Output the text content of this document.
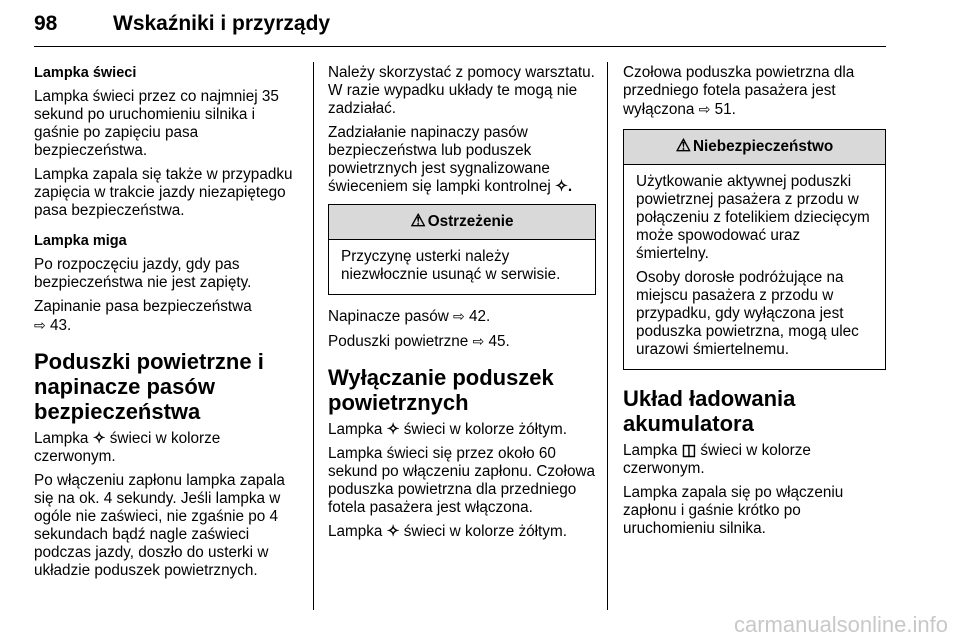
98	Wskaźniki i przyrządy

Lampka świeci

Lampka świeci przez co najmniej 35 sekund po uruchomieniu silnika i gaśnie po zapięciu pasa bezpieczeństwa.

Lampka zapala się także w przypadku zapięcia w trakcie jazdy niezapiętego pasa bezpieczeństwa.

Lampka miga

Po rozpoczęciu jazdy, gdy pas bezpieczeństwa nie jest zapięty.

Zapinanie pasa bezpieczeństwa
⇨ 43.

Poduszki powietrzne i napinacze pasów bezpieczeństwa

Lampka ✧ świeci w kolorze czerwonym.

Po włączeniu zapłonu lampka zapala się na ok. 4 sekundy. Jeśli lampka w ogóle nie zaświeci, nie zgaśnie po 4 sekundach bądź nagle zaświeci podczas jazdy, doszło do usterki w układzie poduszek powietrznych.

Należy skorzystać z pomocy warsztatu. W razie wypadku układy te mogą nie zadziałać.

Zadziałanie napinaczy pasów bezpieczeństwa lub poduszek powietrznych jest sygnalizowane świeceniem się lampki kontrolnej ✧.

⚠ Ostrzeżenie

Przyczynę usterki należy niezwłocznie usunąć w serwisie.

Napinacze pasów ⇨ 42.

Poduszki powietrzne ⇨ 45.

Wyłączanie poduszek powietrznych

Lampka ✧ świeci w kolorze żółtym.

Lampka świeci się przez około 60 sekund po włączeniu zapłonu. Czołowa poduszka powietrzna dla przedniego fotela pasażera jest włączona.

Lampka ✧ świeci w kolorze żółtym.

Czołowa poduszka powietrzna dla przedniego fotela pasażera jest wyłączona ⇨ 51.

⚠ Niebezpieczeństwo

Użytkowanie aktywnej poduszki powietrznej pasażera z przodu w połączeniu z fotelikiem dziecięcym może spowodować uraz śmiertelny.

Osoby dorosłe podróżujące na miejscu pasażera z przodu w przypadku, gdy wyłączona jest poduszka powietrzna, mogą ulec urazowi śmiertelnemu.

Układ ładowania akumulatora

Lampka ◫ świeci w kolorze czerwonym.

Lampka zapala się po włączeniu zapłonu i gaśnie krótko po uruchomieniu silnika.

carmanualsonline.info
